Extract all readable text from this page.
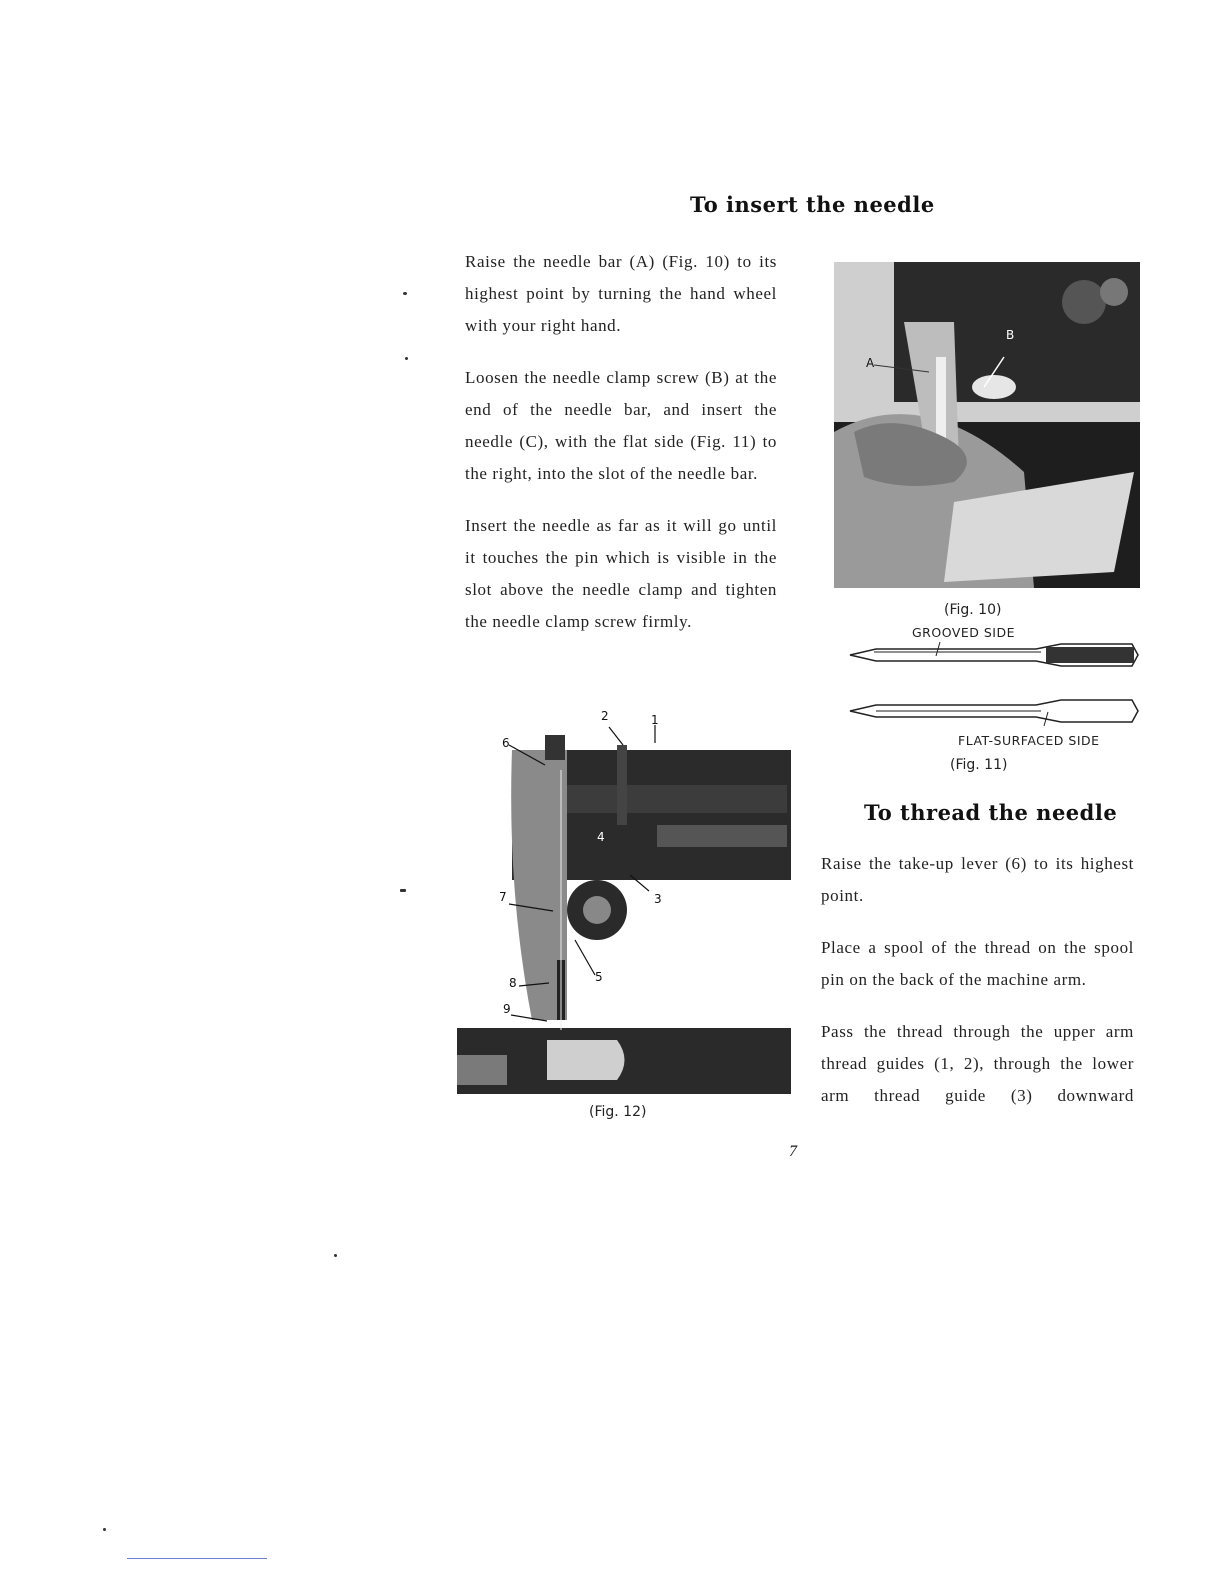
To insert the needle

Raise the needle bar (A) (Fig. 10) to its highest point by turning the hand wheel with your right hand.

Loosen the needle clamp screw (B) at the end of the needle bar, and insert the needle (C), with the flat side (Fig. 11) to the right, into the slot of the needle bar.

Insert the needle as far as it will go until it touches the pin which is visible in the slot above the needle clamp and tighten the needle clamp screw firmly.

A
B
(Fig. 10)
GROOVED SIDE
FLAT-SURFACED SIDE
(Fig. 11)
1
2
3
4
5
6
7
8
9
(Fig. 12)
To thread the needle

Raise the take-up lever (6) to its highest point.

Place a spool of the thread on the spool pin on the back of the machine arm.

Pass the thread through the upper arm thread guides (1, 2), through the lower arm thread guide (3) downward

7
